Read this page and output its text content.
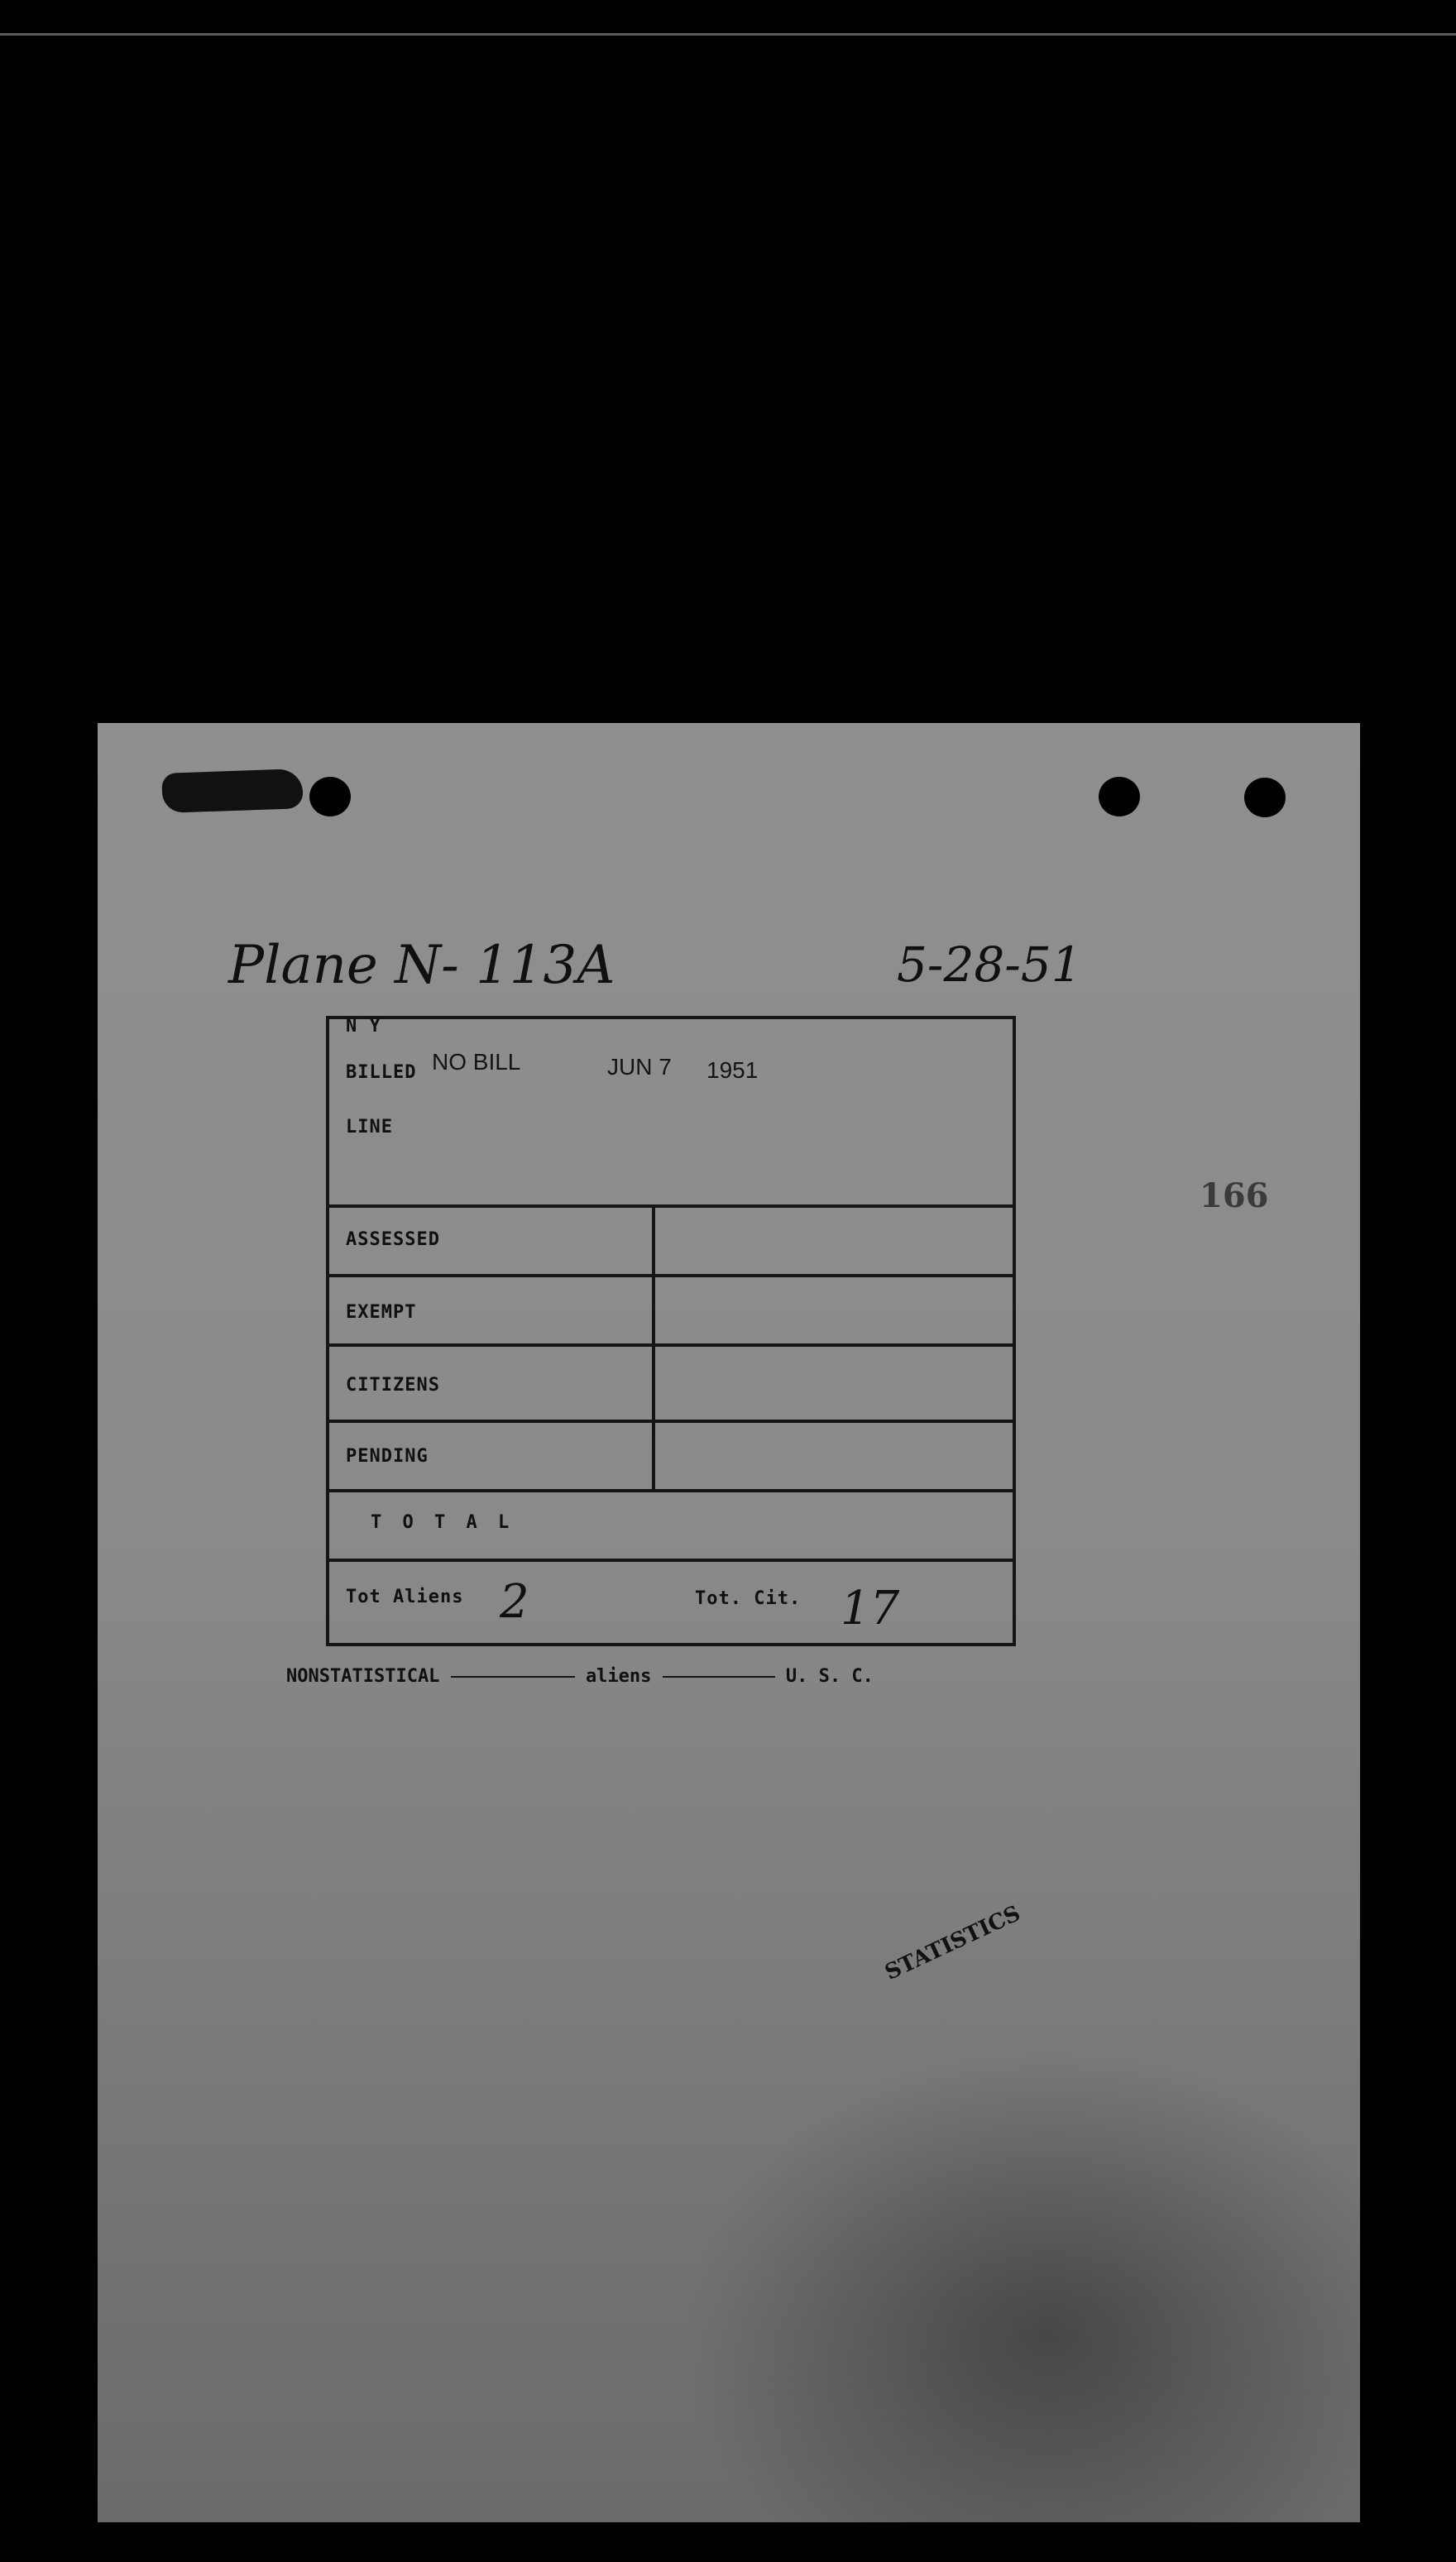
Plane N- 113A	5-28-51
166
N Y
BILLED NO BILL	JUN 7 1951
LINE
ASSESSED
EXEMPT
CITIZENS
PENDING
T O T A L
Tot Aliens 2	Tot. Cit. 17
NONSTATISTICAL	aliens	U. S. C.
STATISTICS
